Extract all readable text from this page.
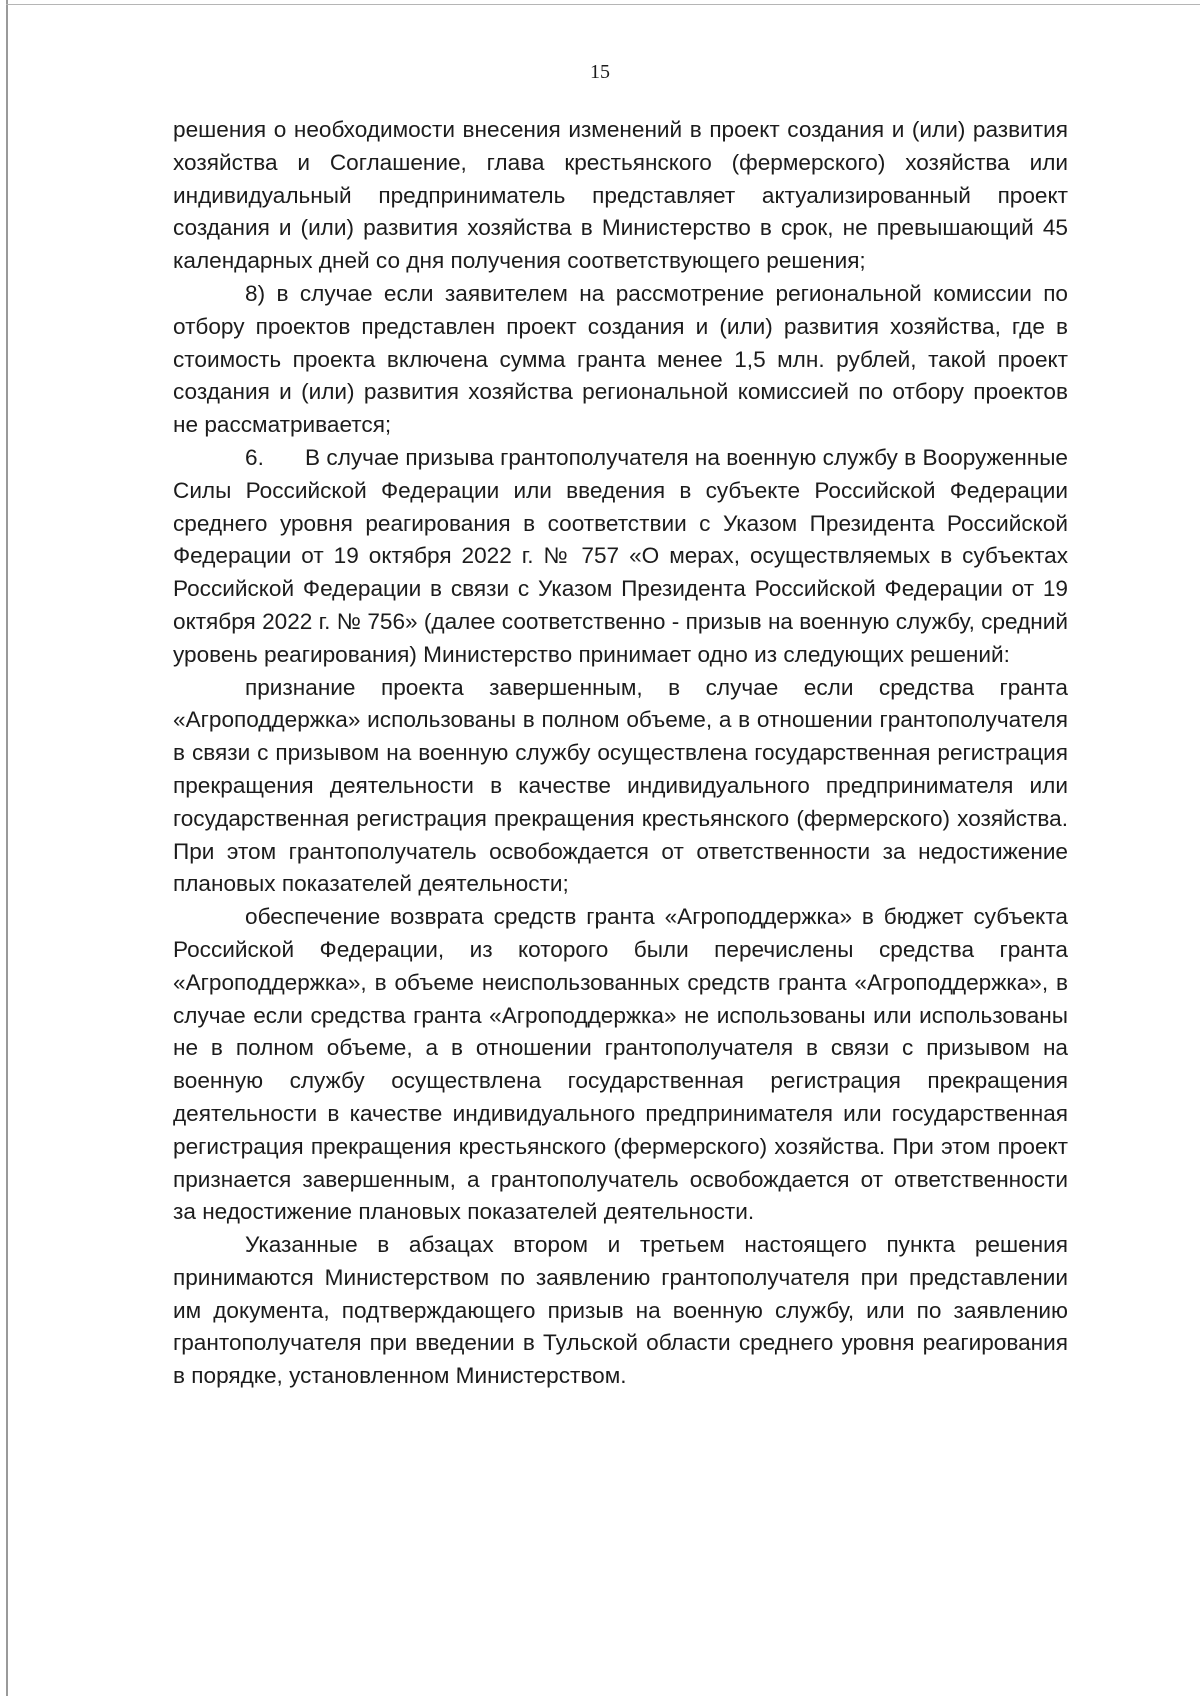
15

решения о необходимости внесения изменений в проект создания и (или) развития хозяйства и Соглашение, глава крестьянского (фермерского) хозяйства или индивидуальный предприниматель представляет актуализированный проект создания и (или) развития хозяйства в Министерство в срок, не превышающий 45 календарных дней со дня получения соответствующего решения;

8) в случае если заявителем на рассмотрение региональной комиссии по отбору проектов представлен проект создания и (или) развития хозяйства, где в стоимость проекта включена сумма гранта менее 1,5 млн. рублей, такой проект создания и (или) развития хозяйства региональной комиссией по отбору проектов не рассматривается;

6. В случае призыва грантополучателя на военную службу в Вооруженные Силы Российской Федерации или введения в субъекте Российской Федерации среднего уровня реагирования в соответствии с Указом Президента Российской Федерации от 19 октября 2022 г. № 757 «О мерах, осуществляемых в субъектах Российской Федерации в связи с Указом Президента Российской Федерации от 19 октября 2022 г. № 756» (далее соответственно - призыв на военную службу, средний уровень реагирования) Министерство принимает одно из следующих решений:

признание проекта завершенным, в случае если средства гранта «Агроподдержка» использованы в полном объеме, а в отношении грантополучателя в связи с призывом на военную службу осуществлена государственная регистрация прекращения деятельности в качестве индивидуального предпринимателя или государственная регистрация прекращения крестьянского (фермерского) хозяйства. При этом грантополучатель освобождается от ответственности за недостижение плановых показателей деятельности;

обеспечение возврата средств гранта «Агроподдержка» в бюджет субъекта Российской Федерации, из которого были перечислены средства гранта «Агроподдержка», в объеме неиспользованных средств гранта «Агроподдержка», в случае если средства гранта «Агроподдержка» не использованы или использованы не в полном объеме, а в отношении грантополучателя в связи с призывом на военную службу осуществлена государственная регистрация прекращения деятельности в качестве индивидуального предпринимателя или государственная регистрация прекращения крестьянского (фермерского) хозяйства. При этом проект признается завершенным, а грантополучатель освобождается от ответственности за недостижение плановых показателей деятельности.

Указанные в абзацах втором и третьем настоящего пункта решения принимаются Министерством по заявлению грантополучателя при представлении им документа, подтверждающего призыв на военную службу, или по заявлению грантополучателя при введении в Тульской области среднего уровня реагирования в порядке, установленном Министерством.
